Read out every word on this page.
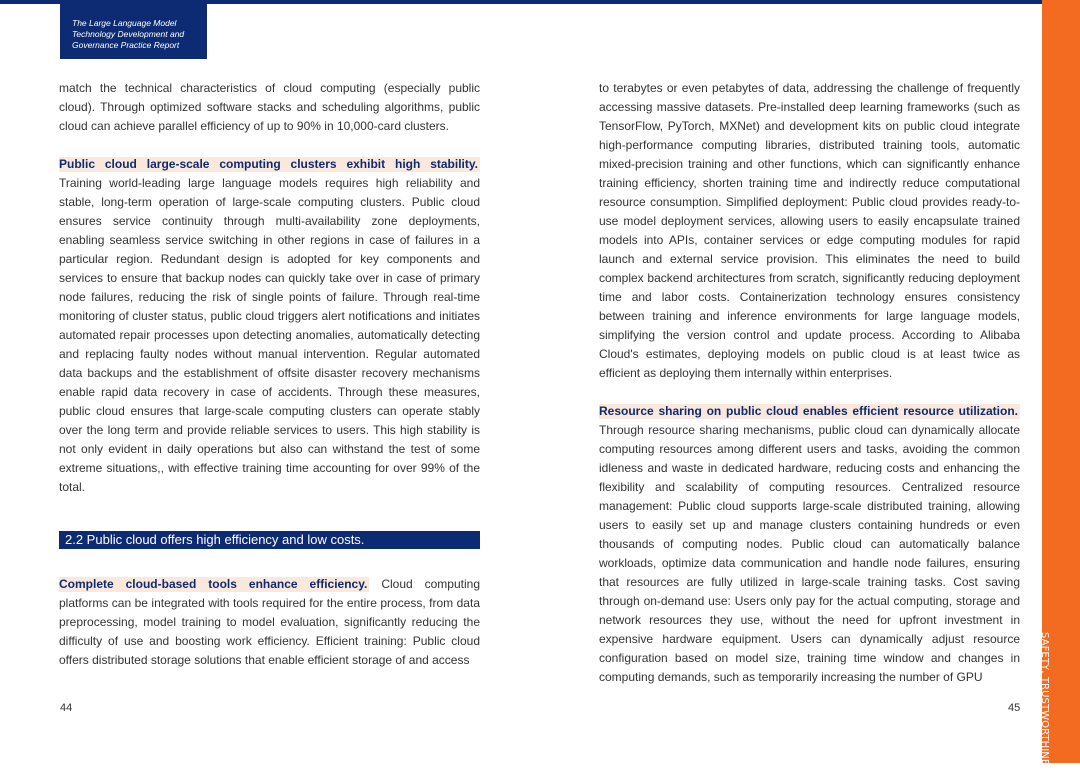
The Large Language Model
Technology Development and
Governance Practice Report
SAFETY, TRUSTWORTHINESS
RELIABILITY, USABILITY

match the technical characteristics of cloud computing (especially public cloud). Through optimized software stacks and scheduling algorithms, public cloud can achieve parallel efficiency of up to 90% in 10,000-card clusters.

Public cloud large-scale computing clusters exhibit high stability. Training world-leading large language models requires high reliability and stable, long-term operation of large-scale computing clusters. Public cloud ensures service continuity through multi-availability zone deployments, enabling seamless service switching in other regions in case of failures in a particular region. Redundant design is adopted for key components and services to ensure that backup nodes can quickly take over in case of primary node failures, reducing the risk of single points of failure. Through real-time monitoring of cluster status, public cloud triggers alert notifications and initiates automated repair processes upon detecting anomalies, automatically detecting and replacing faulty nodes without manual intervention. Regular automated data backups and the establishment of offsite disaster recovery mechanisms enable rapid data recovery in case of accidents. Through these measures, public cloud ensures that large-scale computing clusters can operate stably over the long term and provide reliable services to users. This high stability is not only evident in daily operations but also can withstand the test of some extreme situations,, with effective training time accounting for over 99% of the total.

2.2 Public cloud offers high efficiency and low costs.

Complete cloud-based tools enhance efficiency. Cloud computing platforms can be integrated with tools required for the entire process, from data preprocessing, model training to model evaluation, significantly reducing the difficulty of use and boosting work efficiency. Efficient training: Public cloud offers distributed storage solutions that enable efficient storage of and access

to terabytes or even petabytes of data, addressing the challenge of frequently accessing massive datasets. Pre-installed deep learning frameworks (such as TensorFlow, PyTorch, MXNet) and development kits on public cloud integrate high-performance computing libraries, distributed training tools, automatic mixed-precision training and other functions, which can significantly enhance training efficiency, shorten training time and indirectly reduce computational resource consumption. Simplified deployment: Public cloud provides ready-to-use model deployment services, allowing users to easily encapsulate trained models into APIs, container services or edge computing modules for rapid launch and external service provision. This eliminates the need to build complex backend architectures from scratch, significantly reducing deployment time and labor costs. Containerization technology ensures consistency between training and inference environments for large language models, simplifying the version control and update process. According to Alibaba Cloud's estimates, deploying models on public cloud is at least twice as efficient as deploying them internally within enterprises.

Resource sharing on public cloud enables efficient resource utilization. Through resource sharing mechanisms, public cloud can dynamically allocate computing resources among different users and tasks, avoiding the common idleness and waste in dedicated hardware, reducing costs and enhancing the flexibility and scalability of computing resources. Centralized resource management: Public cloud supports large-scale distributed training, allowing users to easily set up and manage clusters containing hundreds or even thousands of computing nodes. Public cloud can automatically balance workloads, optimize data communication and handle node failures, ensuring that resources are fully utilized in large-scale training tasks. Cost saving through on-demand use: Users only pay for the actual computing, storage and network resources they use, without the need for upfront investment in expensive hardware equipment. Users can dynamically adjust resource configuration based on model size, training time window and changes in computing demands, such as temporarily increasing the number of GPU

44	45
